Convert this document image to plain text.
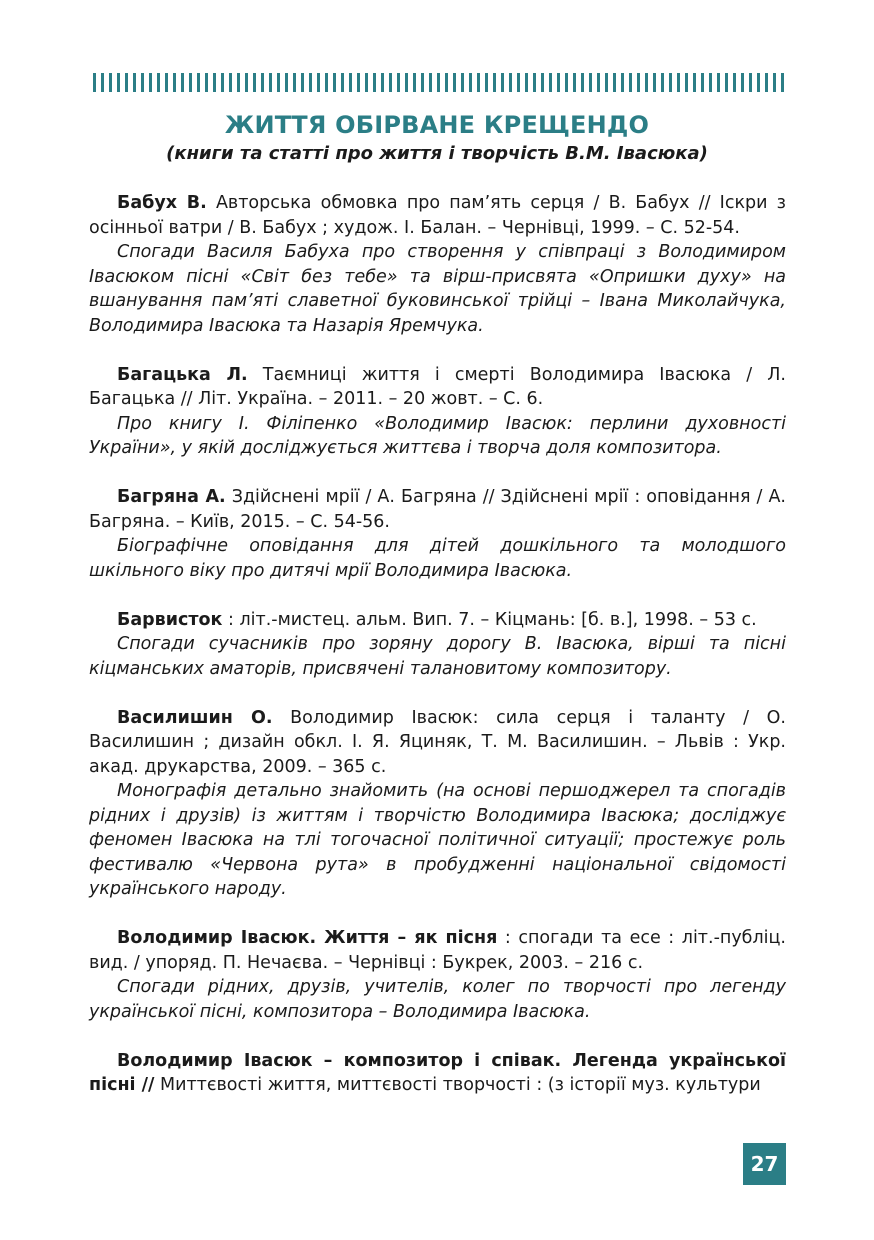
ЖИТТЯ ОБІРВАНЕ КРЕЩЕНДО
(книги та статті про життя і творчість В.М. Івасюка)

Бабух В. Авторська обмовка про пам’ять серця / В. Бабух // Іскри з осінньої ватри / В. Бабух ; худож. І. Балан. – Чернівці, 1999. – С. 52-54.

Спогади Василя Бабуха про створення у співпраці з Володимиром Івасюком пісні «Світ без тебе» та вірш-присвята «Опришки духу» на вшанування пам’яті славетної буковинської трійці – Івана Миколайчука, Володимира Івасюка та Назарія Яремчука.

Багацька Л. Таємниці життя і смерті Володимира Івасюка / Л. Багацька // Літ. Україна. – 2011. – 20 жовт. – С. 6.

Про книгу І. Філіпенко «Володимир Івасюк: перлини духовності України», у якій досліджується життєва і творча доля композитора.

Багряна А. Здійснені мрії / А. Багряна // Здійснені мрії : оповідання / А. Багряна. – Київ, 2015. – С. 54-56.

Біографічне оповідання для дітей дошкільного та молодшого шкільного віку про дитячі мрії Володимира Івасюка.

Барвисток : літ.-мистец. альм. Вип. 7. – Кіцмань: [б. в.], 1998. – 53 с.

Спогади сучасників про зоряну дорогу В. Івасюка, вірші та пісні кіцманських аматорів, присвячені талановитому композитору.

Василишин О. Володимир Івасюк: сила серця і таланту / О. Василишин ; дизайн обкл. І. Я. Яциняк, Т. М. Василишин. – Львів : Укр. акад. друкарства, 2009. – 365 с.

Монографія детально знайомить (на основі першоджерел та спогадів рідних і друзів) із життям і творчістю Володимира Івасюка; досліджує феномен Івасюка на тлі тогочасної політичної ситуації; простежує роль фестивалю «Червона рута» в пробудженні національної свідомості українського народу.

Володимир Івасюк. Життя – як пісня : спогади та есе : літ.-публіц. вид. / упоряд. П. Нечаєва. – Чернівці : Букрек, 2003. – 216 с.

Спогади рідних, друзів, учителів, колег по творчості про легенду української пісні, композитора – Володимира Івасюка.

Володимир Івасюк – композитор і співак. Легенда української пісні // Миттєвості життя, миттєвості творчості : (з історії муз. культури

27
